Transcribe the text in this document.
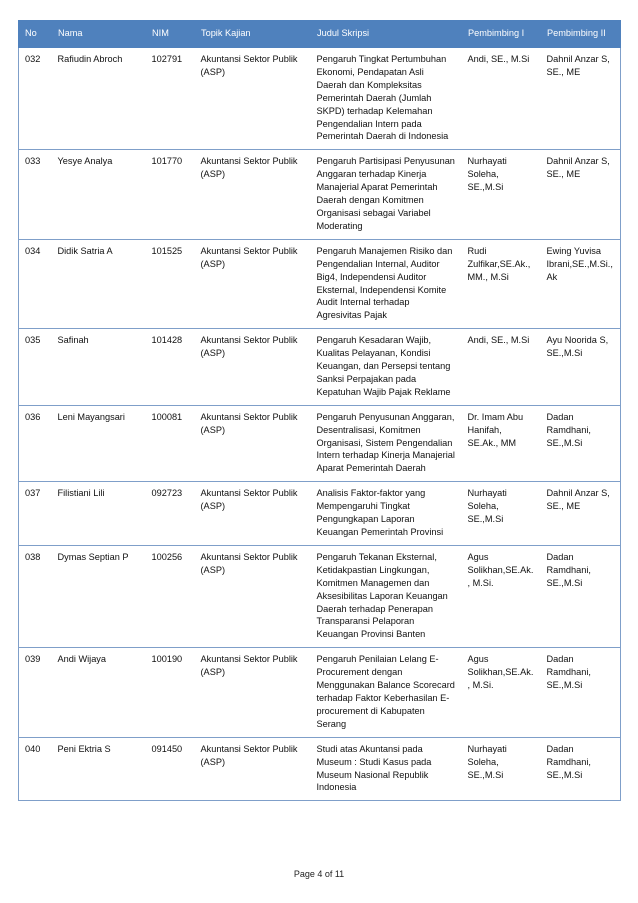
No	Nama	NIM	Topik Kajian	Judul Skripsi	Pembimbing I	Pembimbing II
032	Rafiudin Abroch	102791	Akuntansi Sektor Publik (ASP)	Pengaruh Tingkat Pertumbuhan Ekonomi, Pendapatan Asli Daerah dan Kompleksitas Pemerintah Daerah (Jumlah SKPD) terhadap Kelemahan Pengendalian Intern pada Pemerintah Daerah di Indonesia	Andi, SE., M.Si	Dahnil Anzar S, SE., ME
033	Yesye Analya	101770	Akuntansi Sektor Publik (ASP)	Pengaruh Partisipasi Penyusunan Anggaran terhadap Kinerja Manajerial Aparat Pemerintah Daerah dengan Komitmen Organisasi sebagai Variabel Moderating	Nurhayati Soleha, SE.,M.Si	Dahnil Anzar S, SE., ME
034	Didik Satria A	101525	Akuntansi Sektor Publik (ASP)	Pengaruh Manajemen Risiko dan Pengendalian Internal, Auditor Big4, Independensi Auditor Eksternal, Independensi Komite Audit Internal terhadap Agresivitas Pajak	Rudi Zulfikar,SE.Ak., MM., M.Si	Ewing Yuvisa Ibrani,SE.,M.Si.,Ak
035	Safinah	101428	Akuntansi Sektor Publik (ASP)	Pengaruh Kesadaran Wajib, Kualitas Pelayanan, Kondisi Keuangan, dan Persepsi tentang Sanksi Perpajakan pada Kepatuhan Wajib Pajak Reklame	Andi, SE., M.Si	Ayu Noorida S, SE.,M.Si
036	Leni Mayangsari	100081	Akuntansi Sektor Publik (ASP)	Pengaruh Penyusunan Anggaran, Desentralisasi, Komitmen Organisasi, Sistem Pengendalian Intern terhadap Kinerja Manajerial Aparat Pemerintah Daerah	Dr. Imam Abu Hanifah, SE.Ak., MM	Dadan Ramdhani, SE.,M.Si
037	Filistiani Lili	092723	Akuntansi Sektor Publik (ASP)	Analisis Faktor-faktor yang Mempengaruhi Tingkat Pengungkapan Laporan Keuangan Pemerintah Provinsi	Nurhayati Soleha, SE.,M.Si	Dahnil Anzar S, SE., ME
038	Dymas Septian P	100256	Akuntansi Sektor Publik (ASP)	Pengaruh Tekanan Eksternal, Ketidakpastian Lingkungan, Komitmen Managemen dan Aksesibilitas Laporan Keuangan Daerah terhadap Penerapan Transparansi Pelaporan Keuangan Provinsi Banten	Agus Solikhan,SE.Ak., M.Si.	Dadan Ramdhani, SE.,M.Si
039	Andi Wijaya	100190	Akuntansi Sektor Publik (ASP)	Pengaruh Penilaian Lelang E-Procurement dengan Menggunakan Balance Scorecard terhadap Faktor Keberhasilan E-procurement di Kabupaten Serang	Agus Solikhan,SE.Ak., M.Si.	Dadan Ramdhani, SE.,M.Si
040	Peni Ektria S	091450	Akuntansi Sektor Publik (ASP)	Studi atas Akuntansi pada Museum : Studi Kasus pada Museum Nasional Republik Indonesia	Nurhayati Soleha, SE.,M.Si	Dadan Ramdhani, SE.,M.Si
Page 4 of 11
